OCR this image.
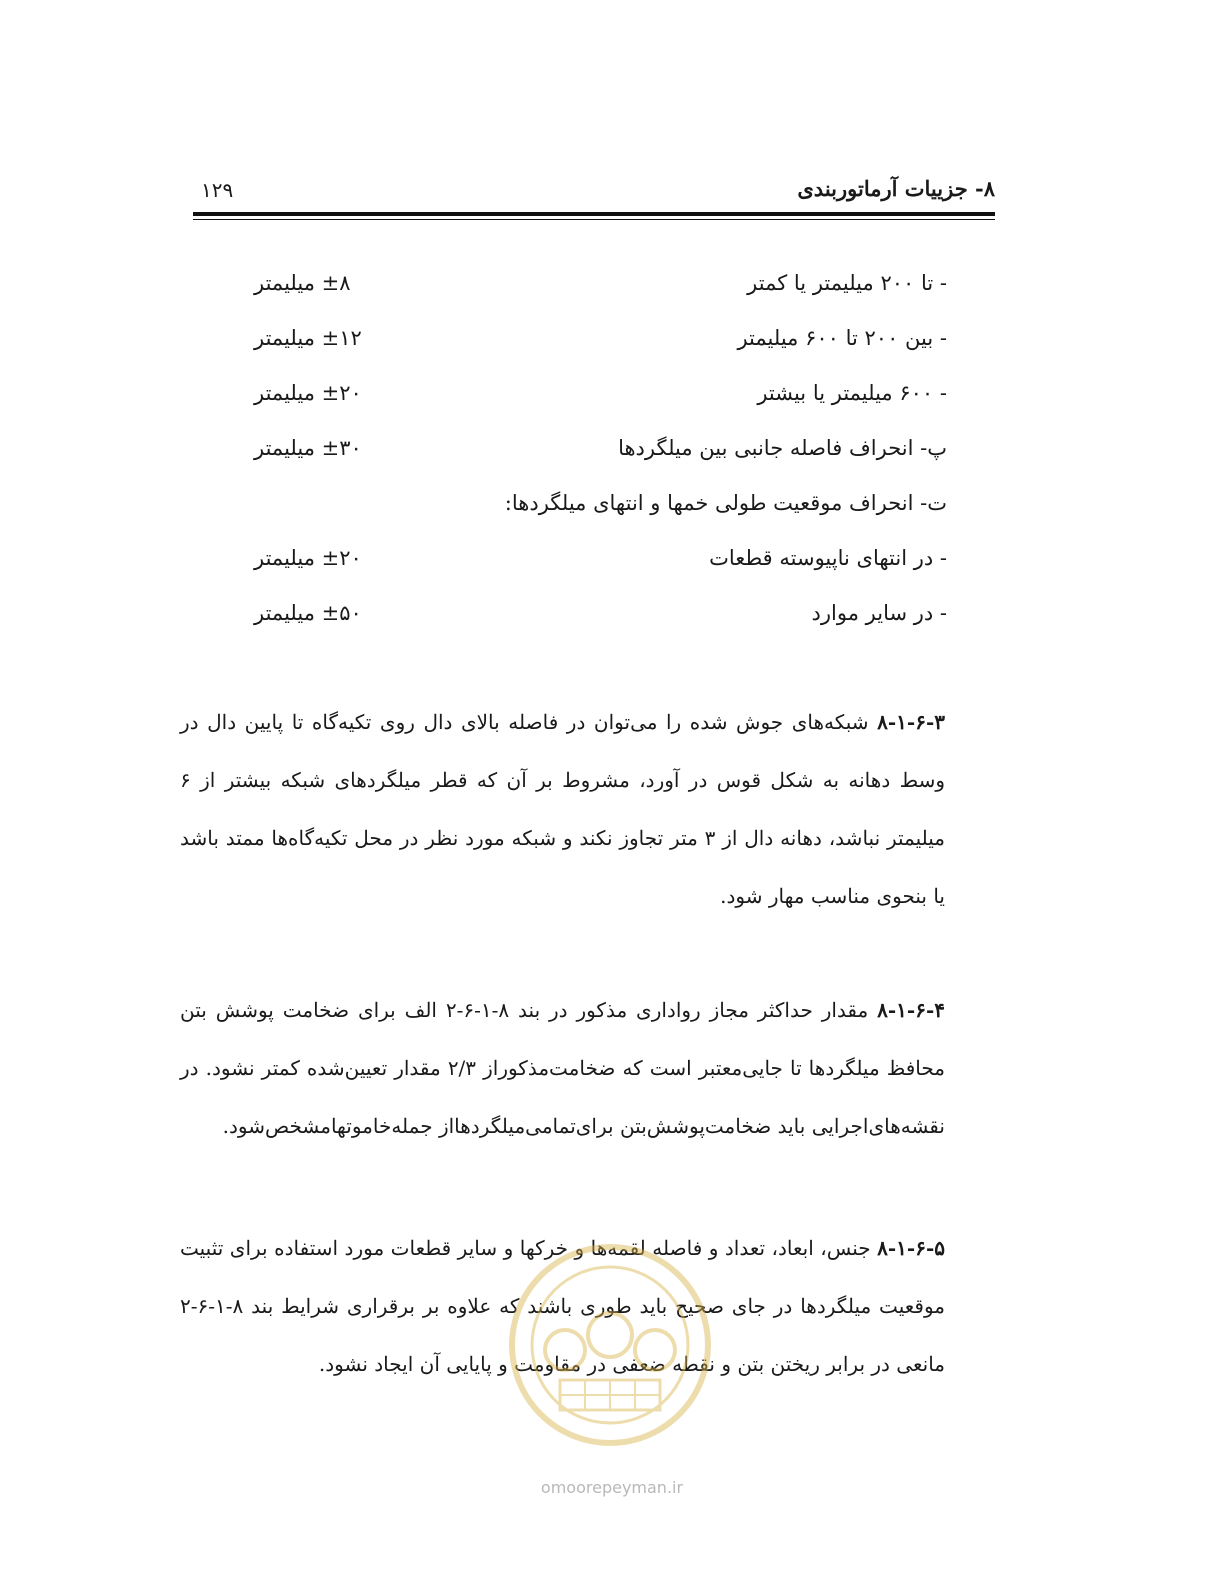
۸- جزییات آرماتوربندی
۱۲۹
- تا ۲۰۰ میلیمتر یا کمتر
±۸ میلیمتر
- بین ۲۰۰ تا ۶۰۰ میلیمتر
±۱۲ میلیمتر
- ۶۰۰ میلیمتر یا بیشتر
±۲۰ میلیمتر
پ- انحراف فاصله جانبی بین میلگردها
±۳۰ میلیمتر
ت- انحراف موقعیت طولی خمها و انتهای میلگردها:
- در انتهای ناپیوسته قطعات
±۲۰ میلیمتر
- در سایر موارد
±۵۰ میلیمتر
۸-۱-۶-۳ شبکه‌های جوش شده را می‌توان در فاصله بالای دال روی تکیه‌گاه تا پایین دال در وسط دهانه به شکل قوس در آورد، مشروط بر آن که قطر میلگردهای شبکه بیشتر از ۶ میلیمتر نباشد، دهانه دال از ۳ متر تجاوز نکند و شبکه مورد نظر در محل تکیه‌گاه‌ها ممتد باشد یا بنحوی مناسب مهار شود.
۸-۱-۶-۴ مقدار حداکثر مجاز رواداری مذکور در بند ۸-۱-۶-۲ الف برای ضخامت پوشش بتن محافظ میلگردها تا جایی‌معتبر است که ضخامت‌مذکوراز ۲/۳ مقدار تعیین‌شده کمتر نشود. در نقشه‌های‌اجرایی باید ضخامت‌پوشش‌بتن برای‌تمامی‌میلگردهااز جمله‌خاموتهامشخص‌شود.
۸-۱-۶-۵ جنس، ابعاد، تعداد و فاصله لقمه‌ها و خرکها و سایر قطعات مورد استفاده برای تثبیت موقعیت میلگردها در جای صحیح باید طوری باشند که علاوه بر برقراری شرایط بند ۸-۱-۶-۲ مانعی در برابر ریختن بتن و نقطه ضعفی در مقاومت و پایایی آن ایجاد نشود.
omoorepeyman.ir
